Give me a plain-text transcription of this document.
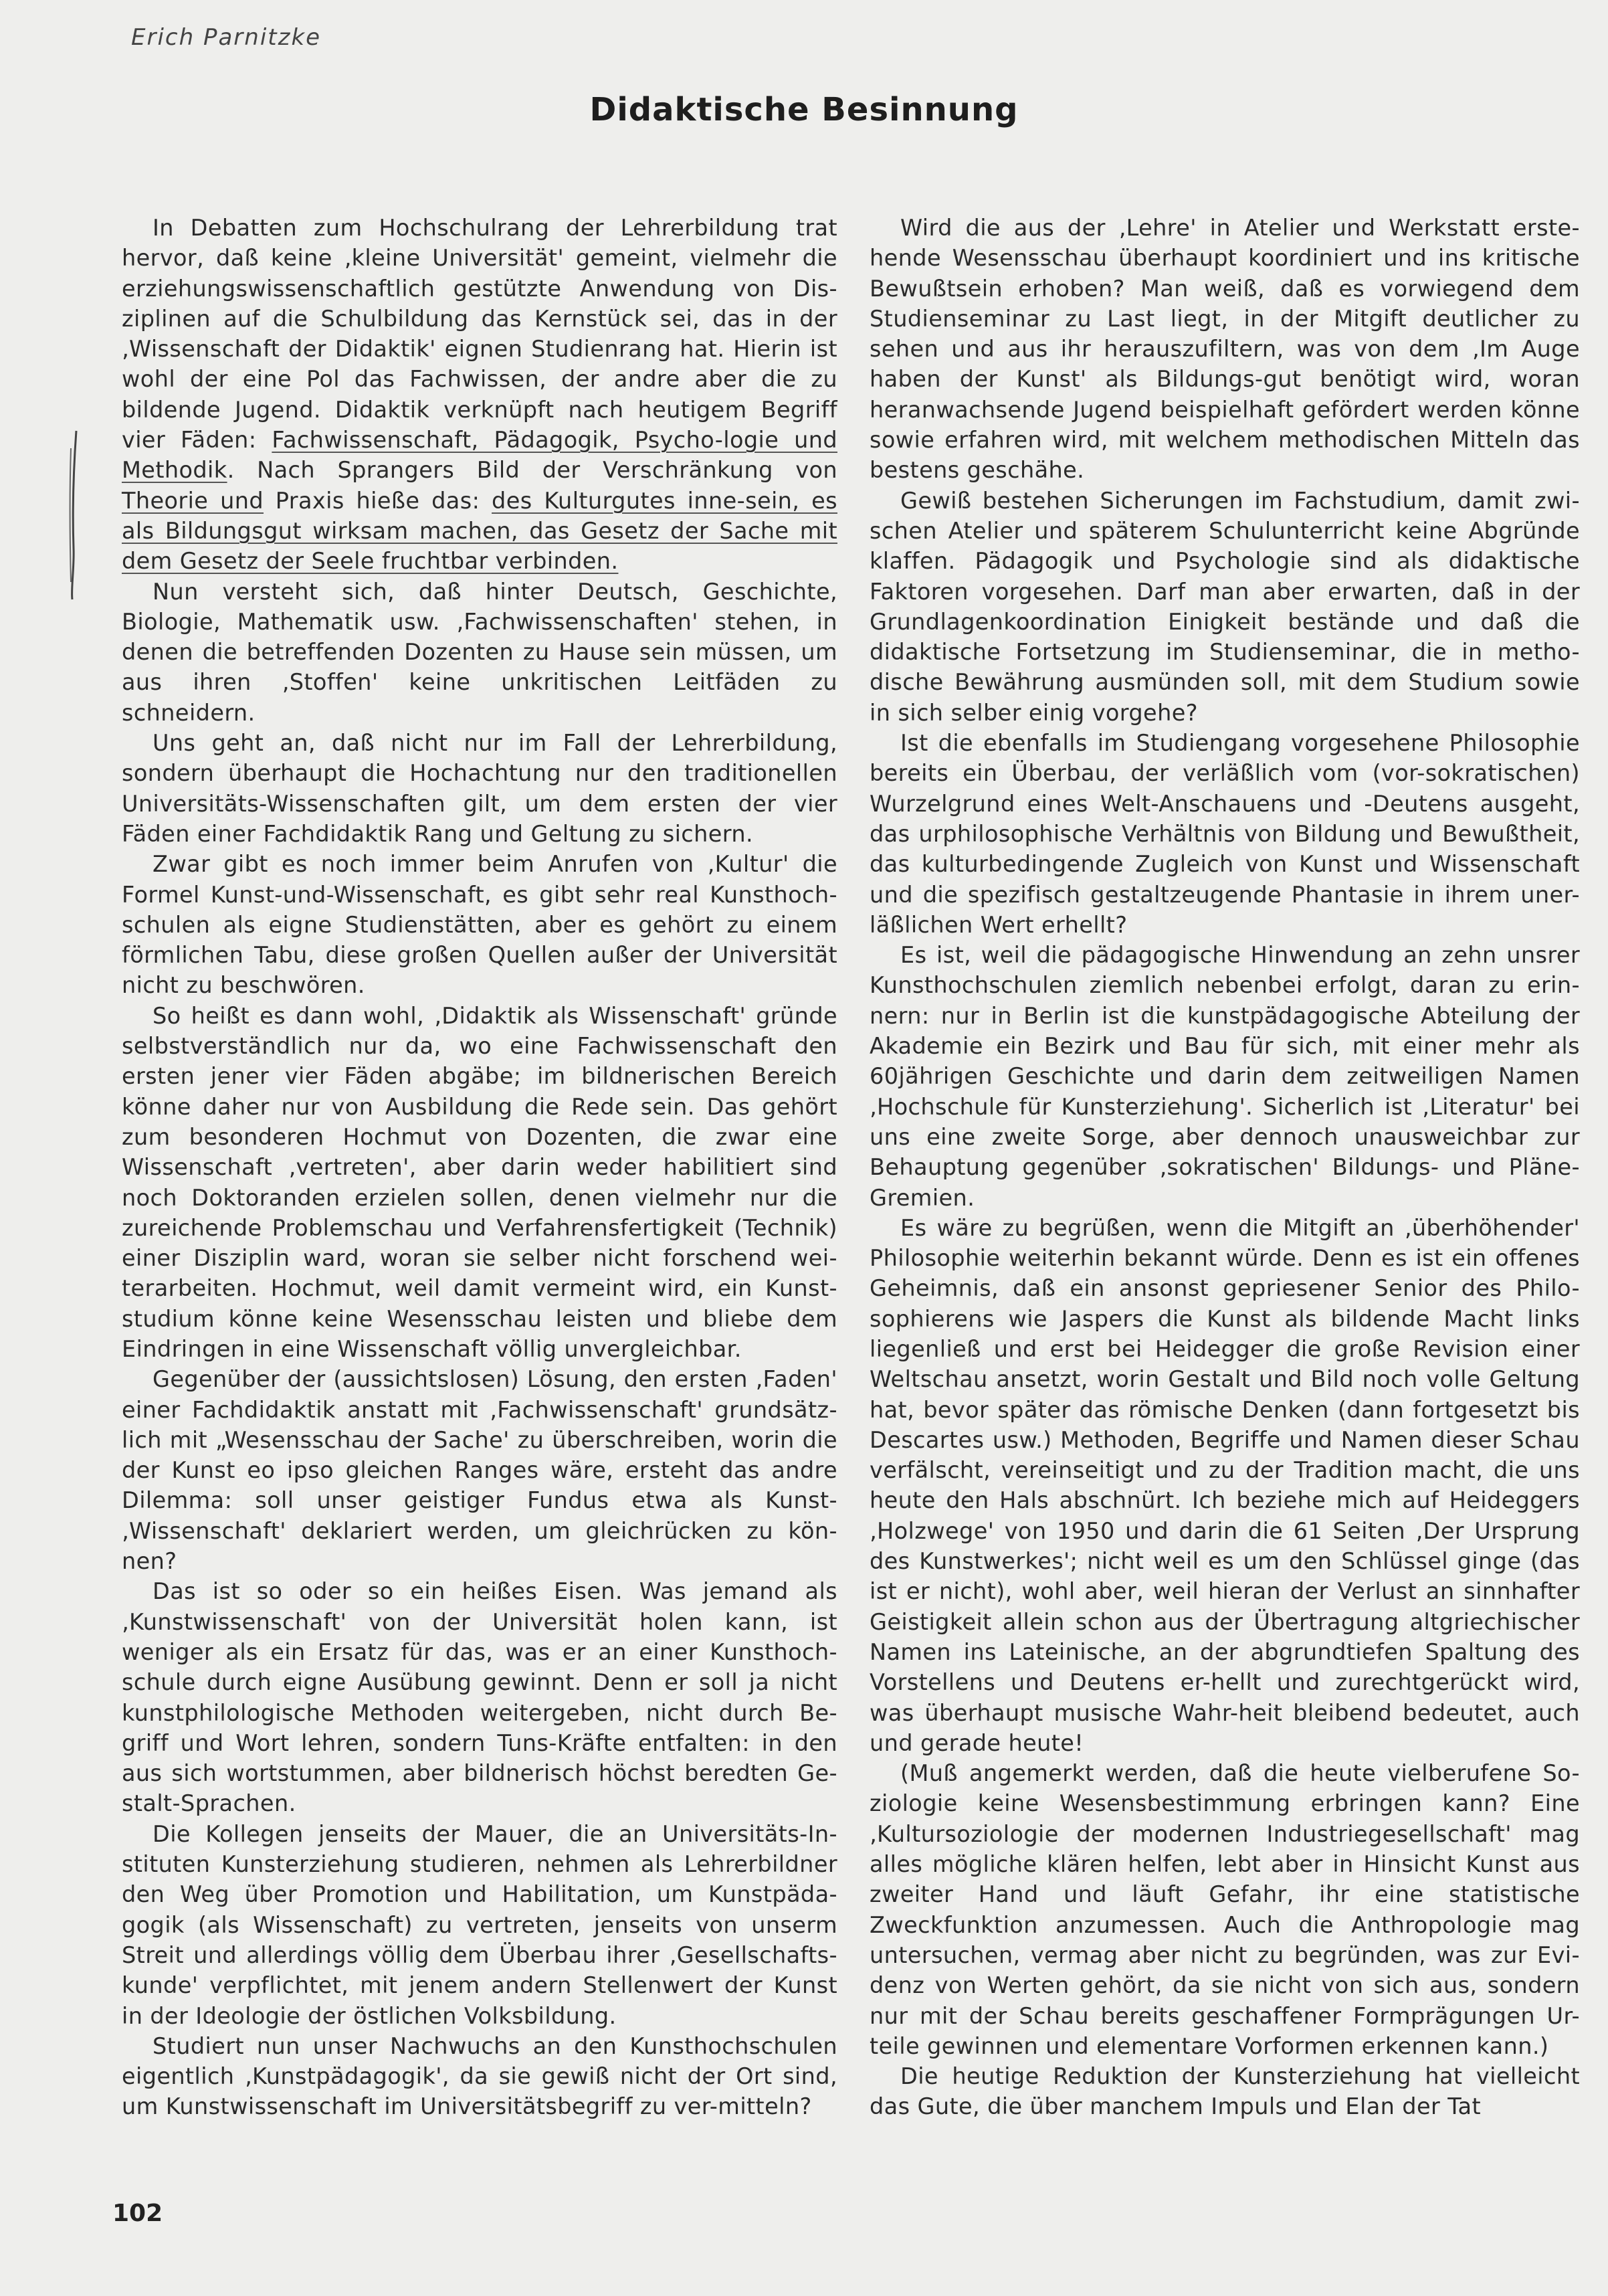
Erich Parnitzke
Didaktische Besinnung

In Debatten zum Hochschulrang der Lehrerbildung trat hervor, daß keine ‚kleine Universität' gemeint, vielmehr die erziehungswissenschaftlich gestützte Anwendung von Dis-ziplinen auf die Schulbildung das Kernstück sei, das in der ‚Wissenschaft der Didaktik' eignen Studienrang hat. Hierin ist wohl der eine Pol das Fachwissen, der andre aber die zu bildende Jugend. Didaktik verknüpft nach heutigem Begriff vier Fäden: Fachwissenschaft, Pädagogik, Psycho-logie und Methodik. Nach Sprangers Bild der Verschränkung von Theorie und Praxis hieße das: des Kulturgutes inne-sein, es als Bildungsgut wirksam machen, das Gesetz der Sache mit dem Gesetz der Seele fruchtbar verbinden.

Nun versteht sich, daß hinter Deutsch, Geschichte, Biologie, Mathematik usw. ‚Fachwissenschaften' stehen, in denen die betreffenden Dozenten zu Hause sein müssen, um aus ihren ‚Stoffen' keine unkritischen Leitfäden zu schneidern.

Uns geht an, daß nicht nur im Fall der Lehrerbildung, sondern überhaupt die Hochachtung nur den traditionellen Universitäts-Wissenschaften gilt, um dem ersten der vier Fäden einer Fachdidaktik Rang und Geltung zu sichern.

Zwar gibt es noch immer beim Anrufen von ‚Kultur' die Formel Kunst-und-Wissenschaft, es gibt sehr real Kunsthoch-schulen als eigne Studienstätten, aber es gehört zu einem förmlichen Tabu, diese großen Quellen außer der Universität nicht zu beschwören.

So heißt es dann wohl, ‚Didaktik als Wissenschaft' gründe selbstverständlich nur da, wo eine Fachwissenschaft den ersten jener vier Fäden abgäbe; im bildnerischen Bereich könne daher nur von Ausbildung die Rede sein. Das gehört zum besonderen Hochmut von Dozenten, die zwar eine Wissenschaft ‚vertreten', aber darin weder habilitiert sind noch Doktoranden erzielen sollen, denen vielmehr nur die zureichende Problemschau und Verfahrensfertigkeit (Technik) einer Disziplin ward, woran sie selber nicht forschend wei-terarbeiten. Hochmut, weil damit vermeint wird, ein Kunst-studium könne keine Wesensschau leisten und bliebe dem Eindringen in eine Wissenschaft völlig unvergleichbar.

Gegenüber der (aussichtslosen) Lösung, den ersten ‚Faden' einer Fachdidaktik anstatt mit ‚Fachwissenschaft' grundsätz-lich mit „Wesensschau der Sache' zu überschreiben, worin die der Kunst eo ipso gleichen Ranges wäre, ersteht das andre Dilemma: soll unser geistiger Fundus etwa als Kunst-‚Wissenschaft' deklariert werden, um gleichrücken zu kön-nen?

Das ist so oder so ein heißes Eisen. Was jemand als ‚Kunstwissenschaft' von der Universität holen kann, ist weniger als ein Ersatz für das, was er an einer Kunsthoch-schule durch eigne Ausübung gewinnt. Denn er soll ja nicht kunstphilologische Methoden weitergeben, nicht durch Be-griff und Wort lehren, sondern Tuns-Kräfte entfalten: in den aus sich wortstummen, aber bildnerisch höchst beredten Ge-stalt-Sprachen.

Die Kollegen jenseits der Mauer, die an Universitäts-In-stituten Kunsterziehung studieren, nehmen als Lehrerbildner den Weg über Promotion und Habilitation, um Kunstpäda-gogik (als Wissenschaft) zu vertreten, jenseits von unserm Streit und allerdings völlig dem Überbau ihrer ‚Gesellschafts-kunde' verpflichtet, mit jenem andern Stellenwert der Kunst in der Ideologie der östlichen Volksbildung.

Studiert nun unser Nachwuchs an den Kunsthochschulen eigentlich ‚Kunstpädagogik', da sie gewiß nicht der Ort sind, um Kunstwissenschaft im Universitätsbegriff zu ver-mitteln?

Wird die aus der ‚Lehre' in Atelier und Werkstatt erste-hende Wesensschau überhaupt koordiniert und ins kritische Bewußtsein erhoben? Man weiß, daß es vorwiegend dem Studienseminar zu Last liegt, in der Mitgift deutlicher zu sehen und aus ihr herauszufiltern, was von dem ‚Im Auge haben der Kunst' als Bildungs-gut benötigt wird, woran heranwachsende Jugend beispielhaft gefördert werden könne sowie erfahren wird, mit welchem methodischen Mitteln das bestens geschähe.

Gewiß bestehen Sicherungen im Fachstudium, damit zwi-schen Atelier und späterem Schulunterricht keine Abgründe klaffen. Pädagogik und Psychologie sind als didaktische Faktoren vorgesehen. Darf man aber erwarten, daß in der Grundlagenkoordination Einigkeit bestände und daß die didaktische Fortsetzung im Studienseminar, die in metho-dische Bewährung ausmünden soll, mit dem Studium sowie in sich selber einig vorgehe?

Ist die ebenfalls im Studiengang vorgesehene Philosophie bereits ein Überbau, der verläßlich vom (vor-sokratischen) Wurzelgrund eines Welt-Anschauens und -Deutens ausgeht, das urphilosophische Verhältnis von Bildung und Bewußtheit, das kulturbedingende Zugleich von Kunst und Wissenschaft und die spezifisch gestaltzeugende Phantasie in ihrem uner-läßlichen Wert erhellt?

Es ist, weil die pädagogische Hinwendung an zehn unsrer Kunsthochschulen ziemlich nebenbei erfolgt, daran zu erin-nern: nur in Berlin ist die kunstpädagogische Abteilung der Akademie ein Bezirk und Bau für sich, mit einer mehr als 60jährigen Geschichte und darin dem zeitweiligen Namen ‚Hochschule für Kunsterziehung'. Sicherlich ist ‚Literatur' bei uns eine zweite Sorge, aber dennoch unausweichbar zur Behauptung gegenüber ‚sokratischen' Bildungs- und Pläne-Gremien.

Es wäre zu begrüßen, wenn die Mitgift an ‚überhöhender' Philosophie weiterhin bekannt würde. Denn es ist ein offenes Geheimnis, daß ein ansonst gepriesener Senior des Philo-sophierens wie Jaspers die Kunst als bildende Macht links liegenließ und erst bei Heidegger die große Revision einer Weltschau ansetzt, worin Gestalt und Bild noch volle Geltung hat, bevor später das römische Denken (dann fortgesetzt bis Descartes usw.) Methoden, Begriffe und Namen dieser Schau verfälscht, vereinseitigt und zu der Tradition macht, die uns heute den Hals abschnürt. Ich beziehe mich auf Heideggers ‚Holzwege' von 1950 und darin die 61 Seiten ‚Der Ursprung des Kunstwerkes'; nicht weil es um den Schlüssel ginge (das ist er nicht), wohl aber, weil hieran der Verlust an sinnhafter Geistigkeit allein schon aus der Übertragung altgriechischer Namen ins Lateinische, an der abgrundtiefen Spaltung des Vorstellens und Deutens er-hellt und zurechtgerückt wird, was überhaupt musische Wahr-heit bleibend bedeutet, auch und gerade heute!

(Muß angemerkt werden, daß die heute vielberufene So-ziologie keine Wesensbestimmung erbringen kann? Eine ‚Kultursoziologie der modernen Industriegesellschaft' mag alles mögliche klären helfen, lebt aber in Hinsicht Kunst aus zweiter Hand und läuft Gefahr, ihr eine statistische Zweckfunktion anzumessen. Auch die Anthropologie mag untersuchen, vermag aber nicht zu begründen, was zur Evi-denz von Werten gehört, da sie nicht von sich aus, sondern nur mit der Schau bereits geschaffener Formprägungen Ur-teile gewinnen und elementare Vorformen erkennen kann.)

Die heutige Reduktion der Kunsterziehung hat vielleicht das Gute, die über manchem Impuls und Elan der Tat

102
